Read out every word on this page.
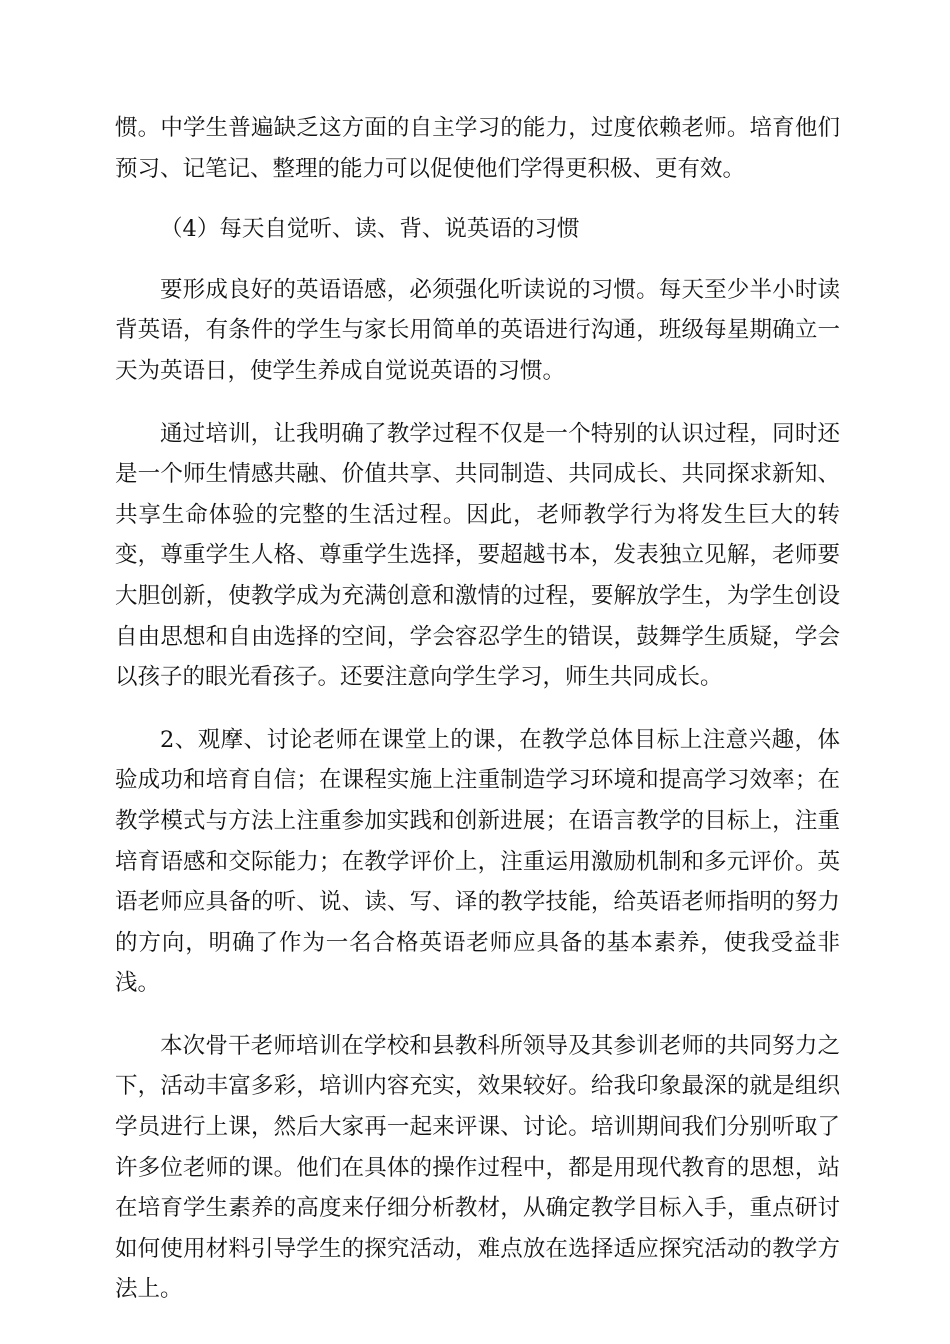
惯。中学生普遍缺乏这方面的自主学习的能力，过度依赖老师。培育他们预习、记笔记、整理的能力可以促使他们学得更积极、更有效。

（4）每天自觉听、读、背、说英语的习惯

要形成良好的英语语感，必须强化听读说的习惯。每天至少半小时读背英语，有条件的学生与家长用简单的英语进行沟通，班级每星期确立一天为英语日，使学生养成自觉说英语的习惯。

通过培训，让我明确了教学过程不仅是一个特别的认识过程，同时还是一个师生情感共融、价值共享、共同制造、共同成长、共同探求新知、共享生命体验的完整的生活过程。因此，老师教学行为将发生巨大的转变，尊重学生人格、尊重学生选择，要超越书本，发表独立见解，老师要大胆创新，使教学成为充满创意和激情的过程，要解放学生，为学生创设自由思想和自由选择的空间，学会容忍学生的错误，鼓舞学生质疑，学会以孩子的眼光看孩子。还要注意向学生学习，师生共同成长。

2、观摩、讨论老师在课堂上的课，在教学总体目标上注意兴趣，体验成功和培育自信；在课程实施上注重制造学习环境和提高学习效率；在教学模式与方法上注重参加实践和创新进展；在语言教学的目标上，注重培育语感和交际能力；在教学评价上，注重运用激励机制和多元评价。英语老师应具备的听、说、读、写、译的教学技能，给英语老师指明的努力的方向，明确了作为一名合格英语老师应具备的基本素养，使我受益非浅。

本次骨干老师培训在学校和县教科所领导及其参训老师的共同努力之下，活动丰富多彩，培训内容充实，效果较好。给我印象最深的就是组织学员进行上课，然后大家再一起来评课、讨论。培训期间我们分别听取了许多位老师的课。他们在具体的操作过程中，都是用现代教育的思想，站在培育学生素养的高度来仔细分析教材，从确定教学目标入手，重点研讨如何使用材料引导学生的探究活动，难点放在选择适应探究活动的教学方法上。
